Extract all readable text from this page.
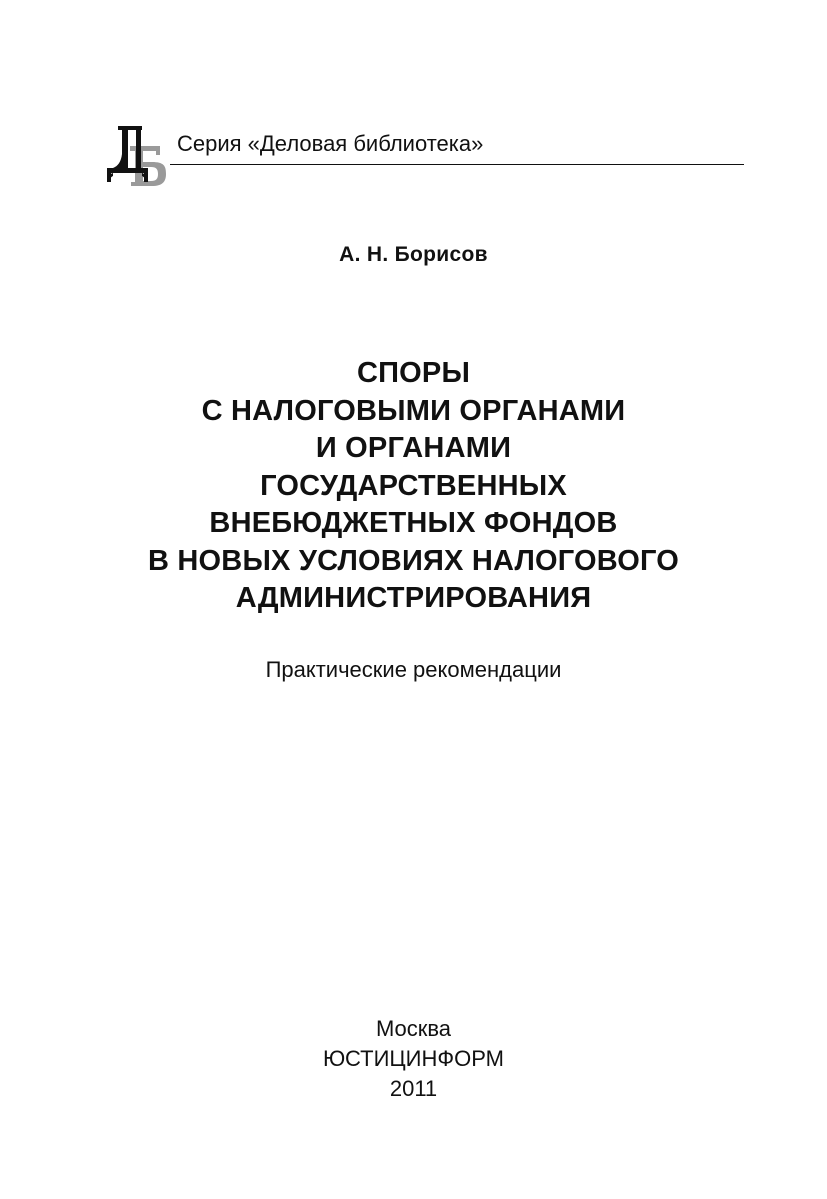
Серия «Деловая библиотека»
А. Н. Борисов
СПОРЫ
С НАЛОГОВЫМИ ОРГАНАМИ
И ОРГАНАМИ
ГОСУДАРСТВЕННЫХ
ВНЕБЮДЖЕТНЫХ ФОНДОВ
В НОВЫХ УСЛОВИЯХ НАЛОГОВОГО
АДМИНИСТРИРОВАНИЯ
Практические рекомендации
Москва
ЮСТИЦИНФОРМ
2011
